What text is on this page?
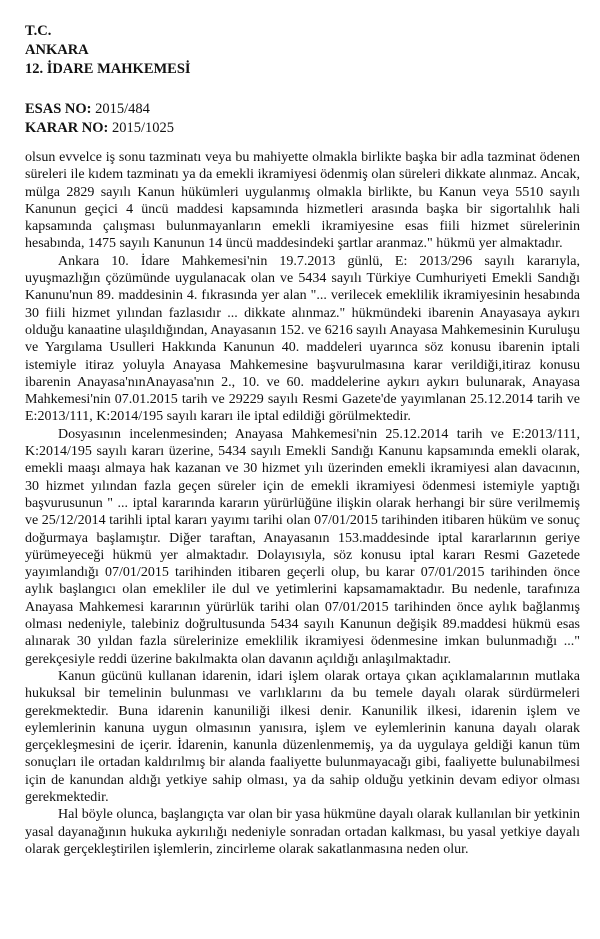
T.C.

ANKARA

12. İDARE MAHKEMESİ

ESAS NO: 2015/484

KARAR NO: 2015/1025

olsun evvelce iş sonu tazminatı veya bu mahiyette olmakla birlikte başka bir adla tazminat ödenen süreleri ile kıdem tazminatı ya da emekli ikramiyesi ödenmiş olan süreleri dikkate alınmaz. Ancak, mülga 2829 sayılı Kanun hükümleri uygulanmış olmakla birlikte, bu Kanun veya 5510 sayılı Kanunun geçici 4 üncü maddesi kapsamında hizmetleri arasında başka bir sigortalılık hali kapsamında çalışması bulunmayanların emekli ikramiyesine esas fiili hizmet sürelerinin hesabında, 1475 sayılı Kanunun 14 üncü maddesindeki şartlar aranmaz." hükmü yer almaktadır.

Ankara 10. İdare Mahkemesi'nin 19.7.2013 günlü, E: 2013/296 sayılı kararıyla, uyuşmazlığın çözümünde uygulanacak olan ve 5434 sayılı Türkiye Cumhuriyeti Emekli Sandığı Kanunu'nun 89. maddesinin 4. fıkrasında yer alan "... verilecek emeklilik ikramiyesinin hesabında 30 fiili hizmet yılından fazlasıdır ... dikkate alınmaz." hükmündeki ibarenin Anayasaya aykırı olduğu kanaatine ulaşıldığından, Anayasanın 152. ve 6216 sayılı Anayasa Mahkemesinin Kuruluşu ve Yargılama Usulleri Hakkında Kanunun 40. maddeleri uyarınca söz konusu ibarenin iptali istemiyle itiraz yoluyla Anayasa Mahkemesine başvurulmasına karar verildiği,itiraz konusu ibarenin Anayasa'nınAnayasa'nın 2., 10. ve 60. maddelerine aykırı aykırı bulunarak, Anayasa Mahkemesi'nin 07.01.2015 tarih ve 29229 sayılı Resmi Gazete'de yayımlanan 25.12.2014 tarih ve E:2013/111, K:2014/195 sayılı kararı ile iptal edildiği görülmektedir.

Dosyasının incelenmesinden; Anayasa Mahkemesi'nin 25.12.2014 tarih ve E:2013/111, K:2014/195 sayılı kararı üzerine, 5434 sayılı Emekli Sandığı Kanunu kapsamında emekli olarak, emekli maaşı almaya hak kazanan ve 30 hizmet yılı üzerinden emekli ikramiyesi alan davacının, 30 hizmet yılından fazla geçen süreler için de emekli ikramiyesi ödenmesi istemiyle yaptığı başvurusunun " ... iptal kararında kararın yürürlüğüne ilişkin olarak herhangi bir süre verilmemiş ve 25/12/2014 tarihli iptal kararı yayımı tarihi olan 07/01/2015 tarihinden itibaren hüküm ve sonuç doğurmaya başlamıştır. Diğer taraftan, Anayasanın 153.maddesinde iptal kararlarının geriye yürümeyeceği hükmü yer almaktadır. Dolayısıyla, söz konusu iptal kararı Resmi Gazetede yayımlandığı 07/01/2015 tarihinden itibaren geçerli olup, bu karar 07/01/2015 tarihinden önce aylık başlangıcı olan emekliler ile dul ve yetimlerini kapsamamaktadır. Bu nedenle, tarafınıza Anayasa Mahkemesi kararının yürürlük tarihi olan 07/01/2015 tarihinden önce aylık bağlanmış olması nedeniyle, talebiniz doğrultusunda 5434 sayılı Kanunun değişik 89.maddesi hükmü esas alınarak 30 yıldan fazla sürelerinize emeklilik ikramiyesi ödenmesine imkan bulunmadığı ..." gerekçesiyle reddi üzerine bakılmakta olan davanın açıldığı anlaşılmaktadır.

Kanun gücünü kullanan idarenin, idari işlem olarak ortaya çıkan açıklamalarının mutlaka hukuksal bir temelinin bulunması ve varlıklarını da bu temele dayalı olarak sürdürmeleri gerekmektedir. Buna idarenin kanuniliği ilkesi denir. Kanunilik ilkesi, idarenin işlem ve eylemlerinin kanuna uygun olmasının yanısıra, işlem ve eylemlerinin kanuna dayalı olarak gerçekleşmesini de içerir. İdarenin, kanunla düzenlenmemiş, ya da uygulaya geldiği kanun tüm sonuçları ile ortadan kaldırılmış bir alanda faaliyette bulunmayacağı gibi, faaliyette bulunabilmesi için de kanundan aldığı yetkiye sahip olması, ya da sahip olduğu yetkinin devam ediyor olması gerekmektedir.

Hal böyle olunca, başlangıçta var olan bir yasa hükmüne dayalı olarak kullanılan bir yetkinin yasal dayanağının hukuka aykırılığı nedeniyle sonradan ortadan kalkması, bu yasal yetkiye dayalı olarak gerçekleştirilen işlemlerin, zincirleme olarak sakatlanmasına neden olur.
